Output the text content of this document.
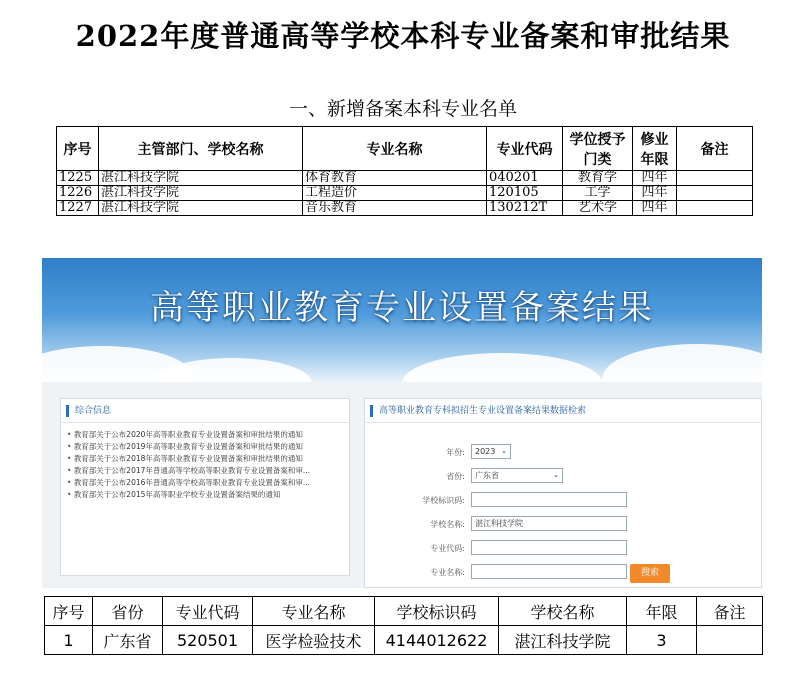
2022年度普通高等学校本科专业备案和审批结果
一、新增备案本科专业名单
序号	主管部门、学校名称	专业名称	专业代码	学位授予门类	修业年限	备注
1225	湛江科技学院	体育教育	040201	教育学	四年	
1226	湛江科技学院	工程造价	120105	工学	四年	
1227	湛江科技学院	音乐教育	130212T	艺术学	四年	
高等职业教育专业设置备案结果
综合信息
• 教育部关于公布2020年高等职业教育专业设置备案和审批结果的通知
• 教育部关于公布2019年高等职业教育专业设置备案和审批结果的通知
• 教育部关于公布2018年高等职业教育专业设置备案和审批结果的通知
• 教育部关于公布2017年普通高等学校高等职业教育专业设置备案和审...
• 教育部关于公布2016年普通高等学校高等职业教育专业设置备案和审...
• 教育部关于公布2015年高等职业学校专业设置备案结果的通知
高等职业教育专科拟招生专业设置备案结果数据检索
年份:	2023 ⌄
省份:	广东省	⌄
学校标识码:
学校名称:	湛江科技学院
专业代码:
专业名称:	搜索
序号	省份	专业代码	专业名称	学校标识码	学校名称	年限	备注
1	广东省	520501	医学检验技术	4144012622	湛江科技学院	3	
